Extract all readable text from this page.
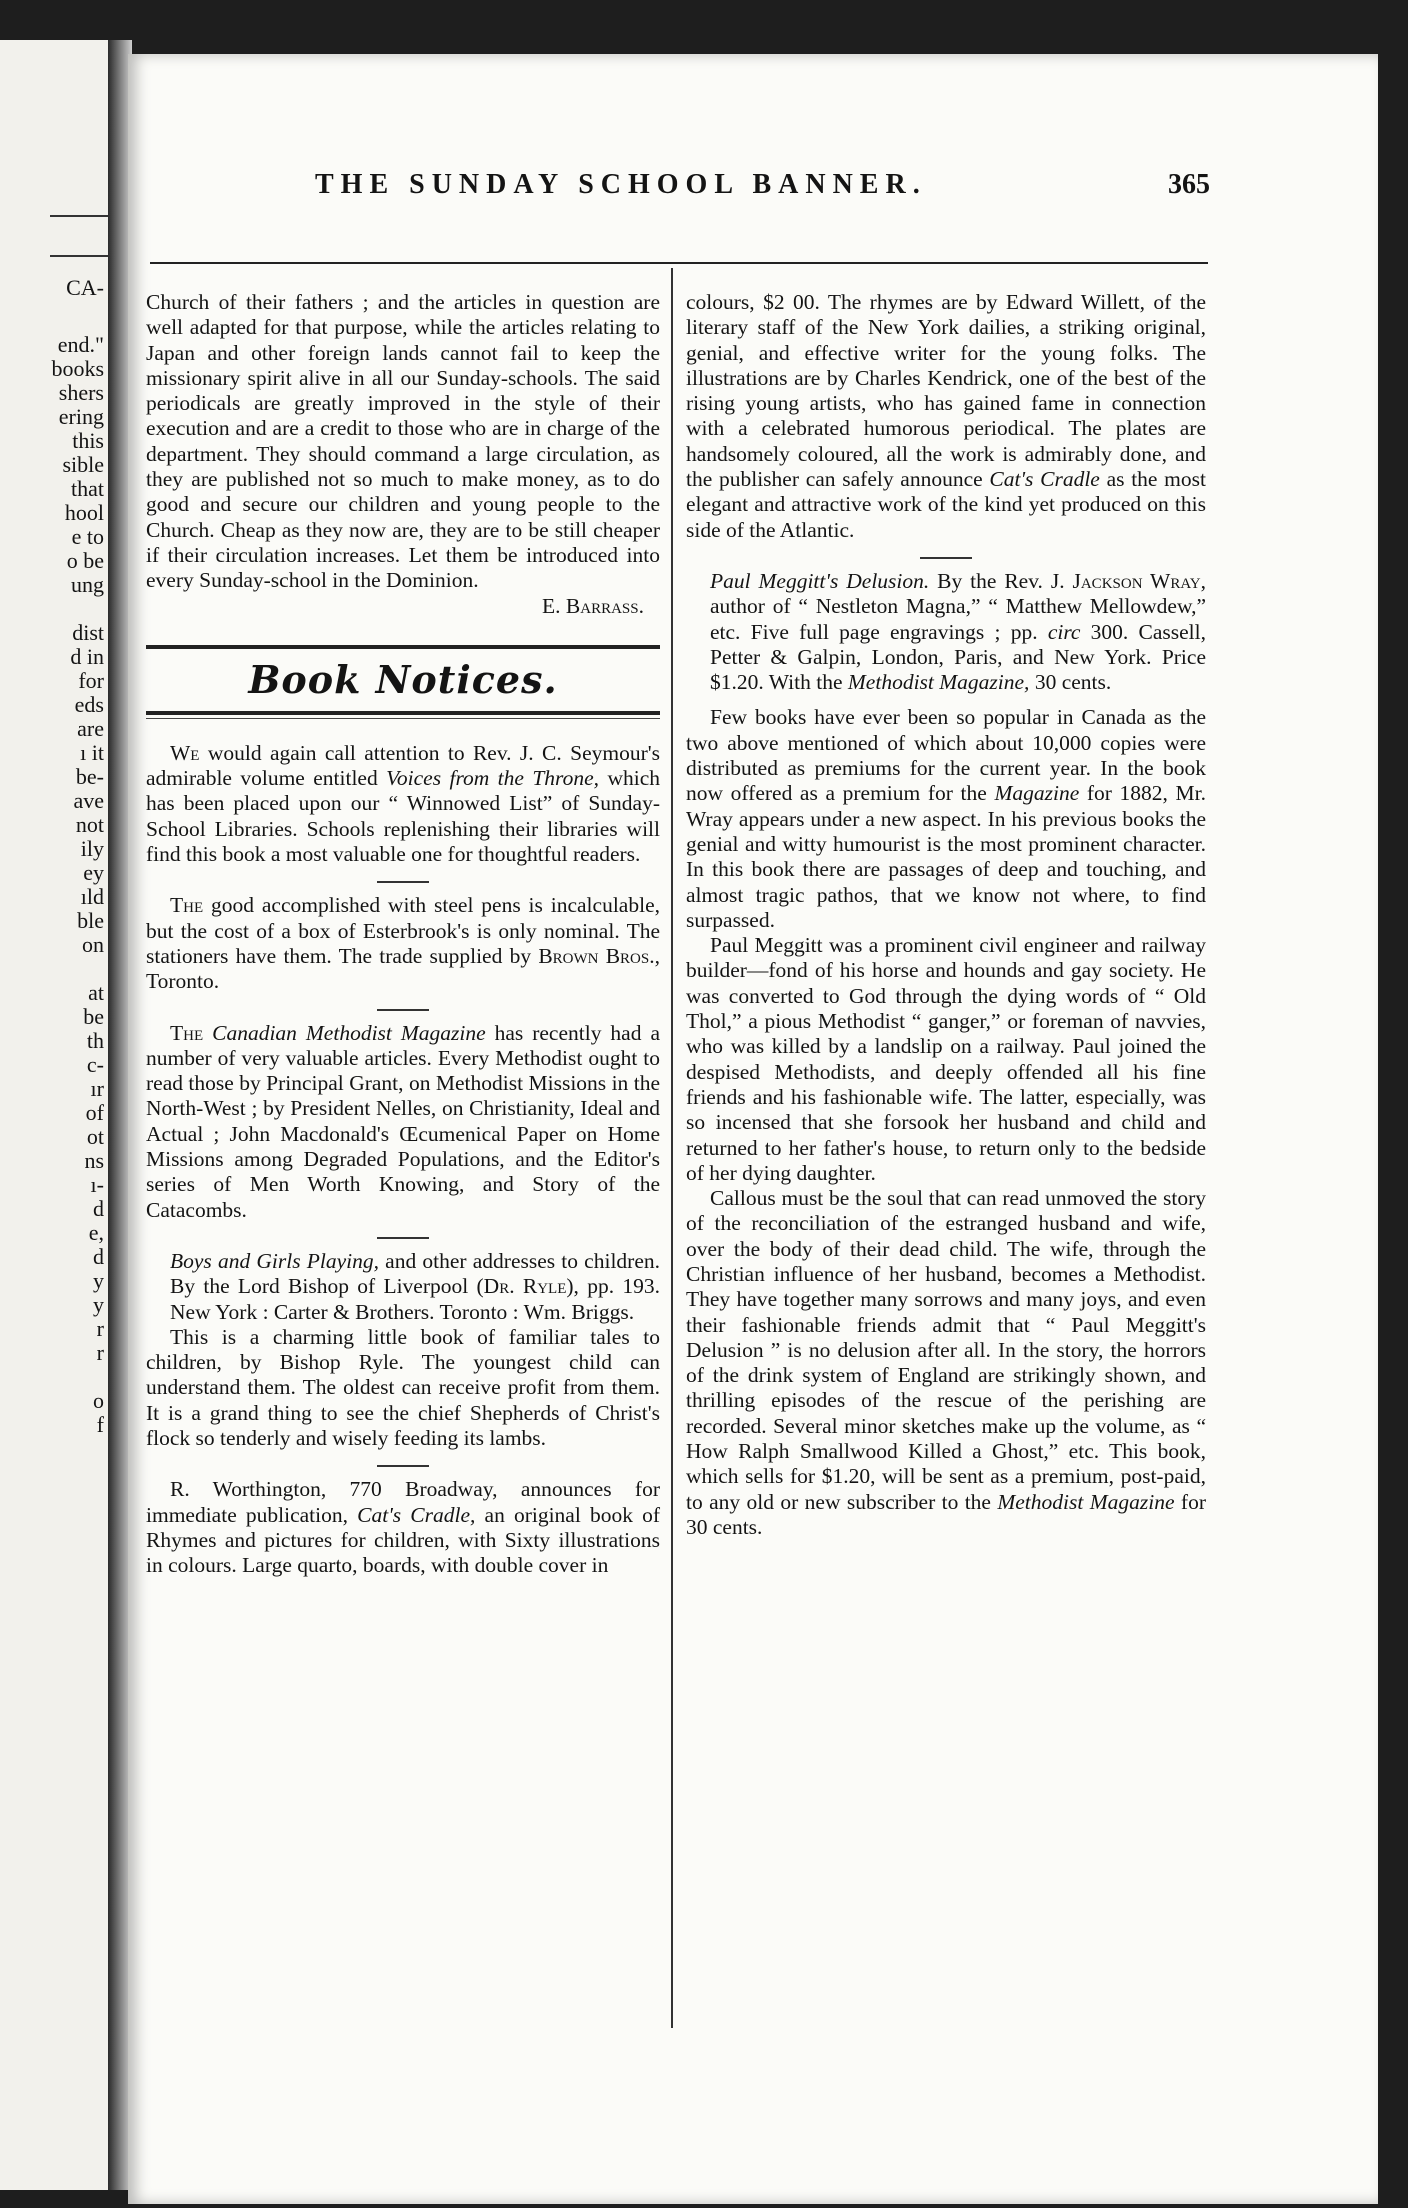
CA-
end."
books
shers
ering
this
sible
that
hool
e to
o be
ung
dist
d in
for
eds
are
ı it
be-
ave
not
ily
ey
ıld
ble
on
at
be
th
c-
ır
of
ot
ns
ı-
d
e,
d
y
y
r
r
o
f
THE SUNDAY SCHOOL BANNER.	365

Church of their fathers ; and the articles in question are well adapted for that purpose, while the articles relating to Japan and other foreign lands cannot fail to keep the missionary spirit alive in all our Sunday-schools. The said periodicals are greatly improved in the style of their execution and are a credit to those who are in charge of the department. They should command a large circulation, as they are published not so much to make money, as to do good and secure our children and young people to the Church. Cheap as they now are, they are to be still cheaper if their circulation increases. Let them be introduced into every Sunday-school in the Dominion.

E. Barrass.

Book Notices.

We would again call attention to Rev. J. C. Seymour's admirable volume entitled Voices from the Throne, which has been placed upon our “ Winnowed List” of Sunday-School Libraries. Schools replenishing their libraries will find this book a most valuable one for thoughtful readers.

The good accomplished with steel pens is incalculable, but the cost of a box of Esterbrook's is only nominal. The stationers have them. The trade supplied by Brown Bros., Toronto.

The Canadian Methodist Magazine has recently had a number of very valuable articles. Every Methodist ought to read those by Principal Grant, on Methodist Missions in the North-West ; by President Nelles, on Christianity, Ideal and Actual ; John Macdonald's Œcumenical Paper on Home Missions among Degraded Populations, and the Editor's series of Men Worth Knowing, and Story of the Catacombs.

Boys and Girls Playing, and other addresses to children. By the Lord Bishop of Liverpool (Dr. Ryle), pp. 193. New York : Carter & Brothers. Toronto : Wm. Briggs.

This is a charming little book of familiar tales to children, by Bishop Ryle. The youngest child can understand them. The oldest can receive profit from them. It is a grand thing to see the chief Shepherds of Christ's flock so tenderly and wisely feeding its lambs.

R. Worthington, 770 Broadway, announces for immediate publication, Cat's Cradle, an original book of Rhymes and pictures for children, with Sixty illustrations in colours. Large quarto, boards, with double cover in

colours, $2 00. The rhymes are by Edward Willett, of the literary staff of the New York dailies, a striking original, genial, and effective writer for the young folks. The illustrations are by Charles Kendrick, one of the best of the rising young artists, who has gained fame in connection with a celebrated humorous periodical. The plates are handsomely coloured, all the work is admirably done, and the publisher can safely announce Cat's Cradle as the most elegant and attractive work of the kind yet produced on this side of the Atlantic.

Paul Meggitt's Delusion. By the Rev. J. Jackson Wray, author of “ Nestleton Magna,” “ Matthew Mellowdew,” etc. Five full page engravings ; pp. circ 300. Cassell, Petter & Galpin, London, Paris, and New York. Price $1.20. With the Methodist Magazine, 30 cents.

Few books have ever been so popular in Canada as the two above mentioned of which about 10,000 copies were distributed as premiums for the current year. In the book now offered as a premium for the Magazine for 1882, Mr. Wray appears under a new aspect. In his previous books the genial and witty humourist is the most prominent character. In this book there are passages of deep and touching, and almost tragic pathos, that we know not where, to find surpassed.

Paul Meggitt was a prominent civil engineer and railway builder—fond of his horse and hounds and gay society. He was converted to God through the dying words of “ Old Thol,” a pious Methodist “ ganger,” or foreman of navvies, who was killed by a landslip on a railway. Paul joined the despised Methodists, and deeply offended all his fine friends and his fashionable wife. The latter, especially, was so incensed that she forsook her husband and child and returned to her father's house, to return only to the bedside of her dying daughter.

Callous must be the soul that can read unmoved the story of the reconciliation of the estranged husband and wife, over the body of their dead child. The wife, through the Christian influence of her husband, becomes a Methodist. They have together many sorrows and many joys, and even their fashionable friends admit that “ Paul Meggitt's Delusion ” is no delusion after all. In the story, the horrors of the drink system of England are strikingly shown, and thrilling episodes of the rescue of the perishing are recorded. Several minor sketches make up the volume, as “ How Ralph Smallwood Killed a Ghost,” etc. This book, which sells for $1.20, will be sent as a premium, post-paid, to any old or new subscriber to the Methodist Magazine for 30 cents.
